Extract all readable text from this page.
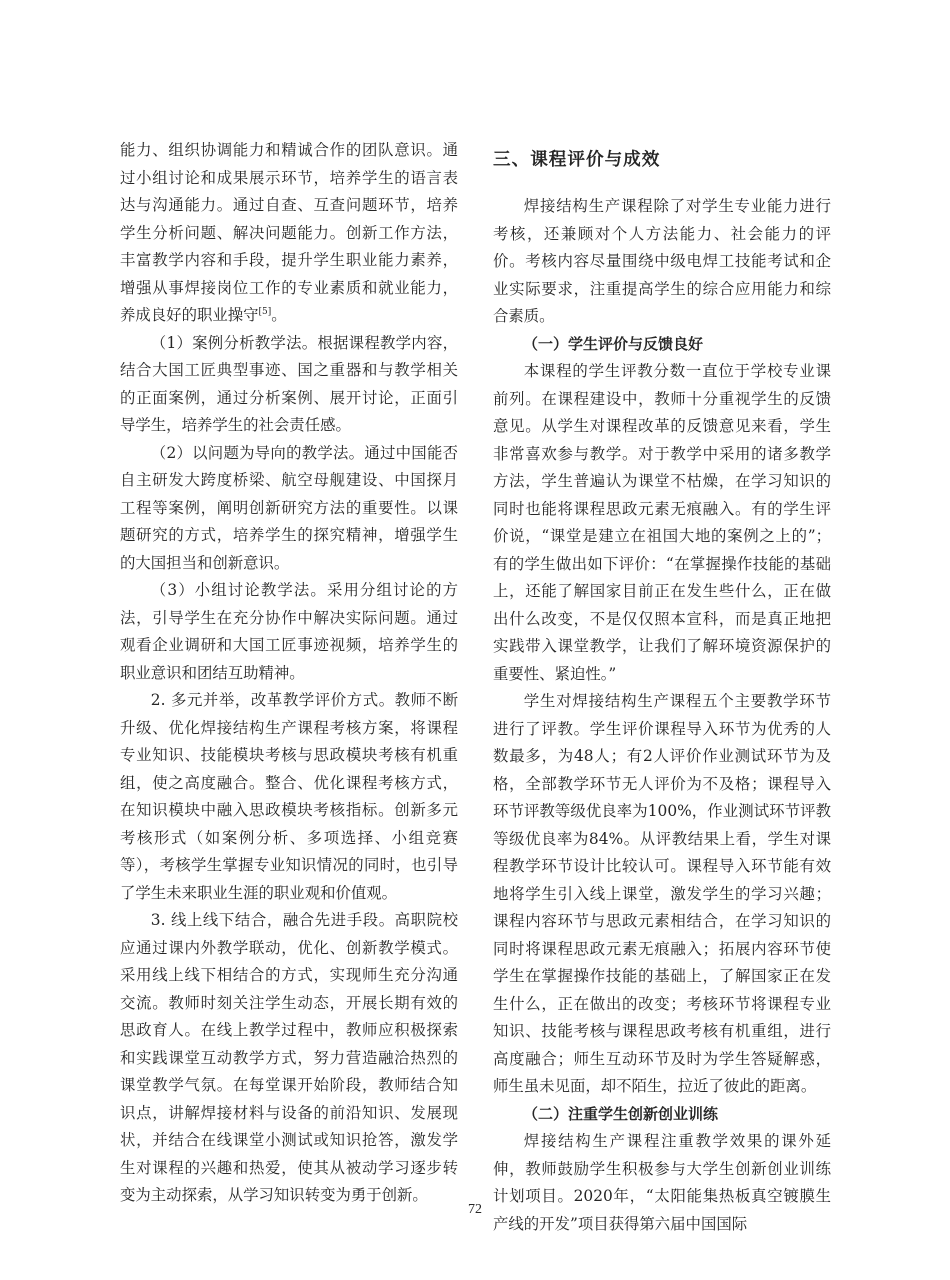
能力、组织协调能力和精诚合作的团队意识。通过小组讨论和成果展示环节，培养学生的语言表达与沟通能力。通过自查、互查问题环节，培养学生分析问题、解决问题能力。创新工作方法，丰富教学内容和手段，提升学生职业能力素养，增强从事焊接岗位工作的专业素质和就业能力，养成良好的职业操守[5]。

（1）案例分析教学法。根据课程教学内容，结合大国工匠典型事迹、国之重器和与教学相关的正面案例，通过分析案例、展开讨论，正面引导学生，培养学生的社会责任感。

（2）以问题为导向的教学法。通过中国能否自主研发大跨度桥梁、航空母舰建设、中国探月工程等案例，阐明创新研究方法的重要性。以课题研究的方式，培养学生的探究精神，增强学生的大国担当和创新意识。

（3）小组讨论教学法。采用分组讨论的方法，引导学生在充分协作中解决实际问题。通过观看企业调研和大国工匠事迹视频，培养学生的职业意识和团结互助精神。

2. 多元并举，改革教学评价方式。教师不断升级、优化焊接结构生产课程考核方案，将课程专业知识、技能模块考核与思政模块考核有机重组，使之高度融合。整合、优化课程考核方式，在知识模块中融入思政模块考核指标。创新多元考核形式（如案例分析、多项选择、小组竞赛等），考核学生掌握专业知识情况的同时，也引导了学生未来职业生涯的职业观和价值观。

3. 线上线下结合，融合先进手段。高职院校应通过课内外教学联动，优化、创新教学模式。采用线上线下相结合的方式，实现师生充分沟通交流。教师时刻关注学生动态，开展长期有效的思政育人。在线上教学过程中，教师应积极探索和实践课堂互动教学方式，努力营造融洽热烈的课堂教学气氛。在每堂课开始阶段，教师结合知识点，讲解焊接材料与设备的前沿知识、发展现状，并结合在线课堂小测试或知识抢答，激发学生对课程的兴趣和热爱，使其从被动学习逐步转变为主动探索，从学习知识转变为勇于创新。

三、课程评价与成效

焊接结构生产课程除了对学生专业能力进行考核，还兼顾对个人方法能力、社会能力的评价。考核内容尽量围绕中级电焊工技能考试和企业实际要求，注重提高学生的综合应用能力和综合素质。

（一）学生评价与反馈良好

本课程的学生评教分数一直位于学校专业课前列。在课程建设中，教师十分重视学生的反馈意见。从学生对课程改革的反馈意见来看，学生非常喜欢参与教学。对于教学中采用的诸多教学方法，学生普遍认为课堂不枯燥，在学习知识的同时也能将课程思政元素无痕融入。有的学生评价说，“课堂是建立在祖国大地的案例之上的”；有的学生做出如下评价：“在掌握操作技能的基础上，还能了解国家目前正在发生些什么，正在做出什么改变，不是仅仅照本宣科，而是真正地把实践带入课堂教学，让我们了解环境资源保护的重要性、紧迫性。”

学生对焊接结构生产课程五个主要教学环节进行了评教。学生评价课程导入环节为优秀的人数最多，为48人；有2人评价作业测试环节为及格，全部教学环节无人评价为不及格；课程导入环节评教等级优良率为100%，作业测试环节评教等级优良率为84%。从评教结果上看，学生对课程教学环节设计比较认可。课程导入环节能有效地将学生引入线上课堂，激发学生的学习兴趣；课程内容环节与思政元素相结合，在学习知识的同时将课程思政元素无痕融入；拓展内容环节使学生在掌握操作技能的基础上，了解国家正在发生什么，正在做出的改变；考核环节将课程专业知识、技能考核与课程思政考核有机重组，进行高度融合；师生互动环节及时为学生答疑解惑，师生虽未见面，却不陌生，拉近了彼此的距离。

（二）注重学生创新创业训练

焊接结构生产课程注重教学效果的课外延伸，教师鼓励学生积极参与大学生创新创业训练计划项目。2020年，“太阳能集热板真空镀膜生产线的开发”项目获得第六届中国国际

72
